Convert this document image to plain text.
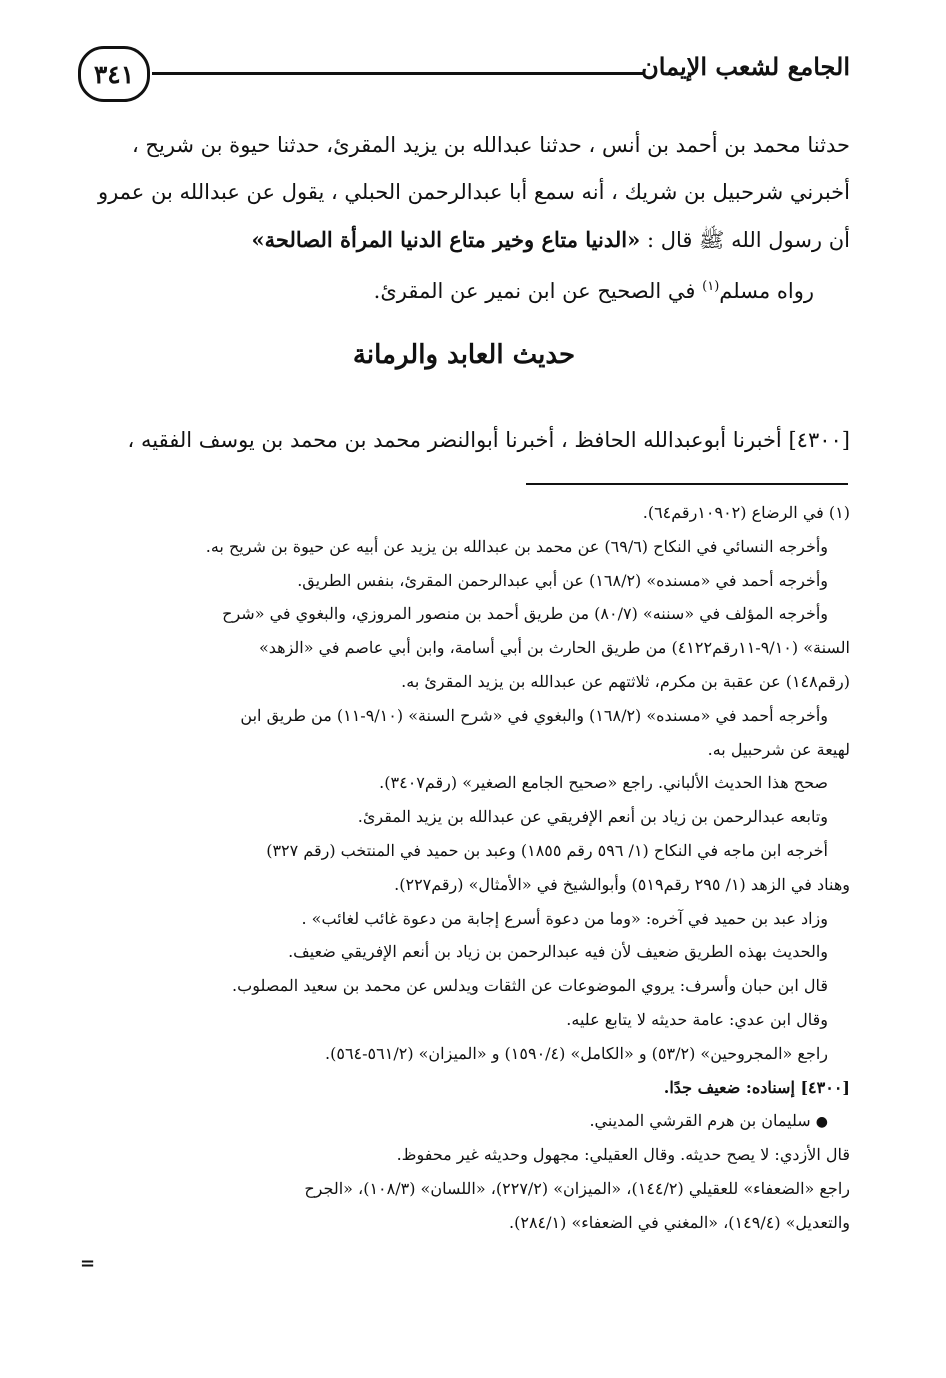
٣٤١	الجامع لشعب الإيمان
حدثنا محمد بن أحمد بن أنس ، حدثنا عبدالله بن يزيد المقرئ، حدثنا حيوة بن شريح ،
أخبرني شرحبيل بن شريك ، أنه سمع أبا عبدالرحمن الحبلي ، يقول عن عبدالله بن عمرو
أن رسول الله ﷺ قال : «الدنيا متاع وخير متاع الدنيا المرأة الصالحة»
رواه مسلم$^{(١)}$ في الصحيح عن ابن نمير عن المقرئ.
حديث العابد والرمانة
[٤٣٠٠] أخبرنا أبوعبدالله الحافظ ، أخبرنا أبوالنضر محمد بن محمد بن يوسف الفقيه ،
(١) في الرضاع (١٠٩٠٢رقم٦٤).
وأخرجه النسائي في النكاح (٦٩/٦) عن محمد بن عبدالله بن يزيد عن أبيه عن حيوة بن شريح به.
وأخرجه أحمد في «مسنده» (١٦٨/٢) عن أبي عبدالرحمن المقرئ، بنفس الطريق.
وأخرجه المؤلف في «سننه» (٨٠/٧) من طريق أحمد بن منصور المروزي، والبغوي في «شرح
السنة» (٩/١٠-١١رقم٤١٢٢) من طريق الحارث بن أبي أسامة، وابن أبي عاصم في «الزهد»
(رقم١٤٨) عن عقبة بن مكرم، ثلاثتهم عن عبدالله بن يزيد المقرئ به.
وأخرجه أحمد في «مسنده» (١٦٨/٢) والبغوي في «شرح السنة» (٩/١٠-١١) من طريق ابن
لهيعة عن شرحبيل به.
صحح هذا الحديث الألباني. راجع «صحيح الجامع الصغير» (رقم٣٤٠٧).
وتابعه عبدالرحمن بن زياد بن أنعم الإفريقي عن عبدالله بن يزيد المقرئ.
أخرجه ابن ماجه في النكاح (١/ ٥٩٦ رقم ١٨٥٥) وعبد بن حميد في المنتخب (رقم ٣٢٧)
وهناد في الزهد (١/ ٢٩٥ رقم٥١٩) وأبوالشيخ في «الأمثال» (رقم٢٢٧).
وزاد عبد بن حميد في آخره: «وما من دعوة أسرع إجابة من دعوة غائب لغائب» .
والحديث بهذه الطريق ضعيف لأن فيه عبدالرحمن بن زياد بن أنعم الإفريقي ضعيف.
قال ابن حبان وأسرف: يروي الموضوعات عن الثقات ويدلس عن محمد بن سعيد المصلوب.
وقال ابن عدي: عامة حديثه لا يتابع عليه.
راجع «المجروحين» (٥٣/٢) و «الكامل» (١٥٩٠/٤) و «الميزان» (٥٦١/٢-٥٦٤).
[٤٣٠٠] إسناده: ضعيف جدًا.
● سليمان بن هرم القرشي المديني.
قال الأزدي: لا يصح حديثه. وقال العقيلي: مجهول وحديثه غير محفوظ.
راجع «الضعفاء» للعقيلي (١٤٤/٢)، «الميزان» (٢٢٧/٢)، «اللسان» (١٠٨/٣)، «الجرح
والتعديل» (١٤٩/٤)، «المغني في الضعفاء» (٢٨٤/١).
=
